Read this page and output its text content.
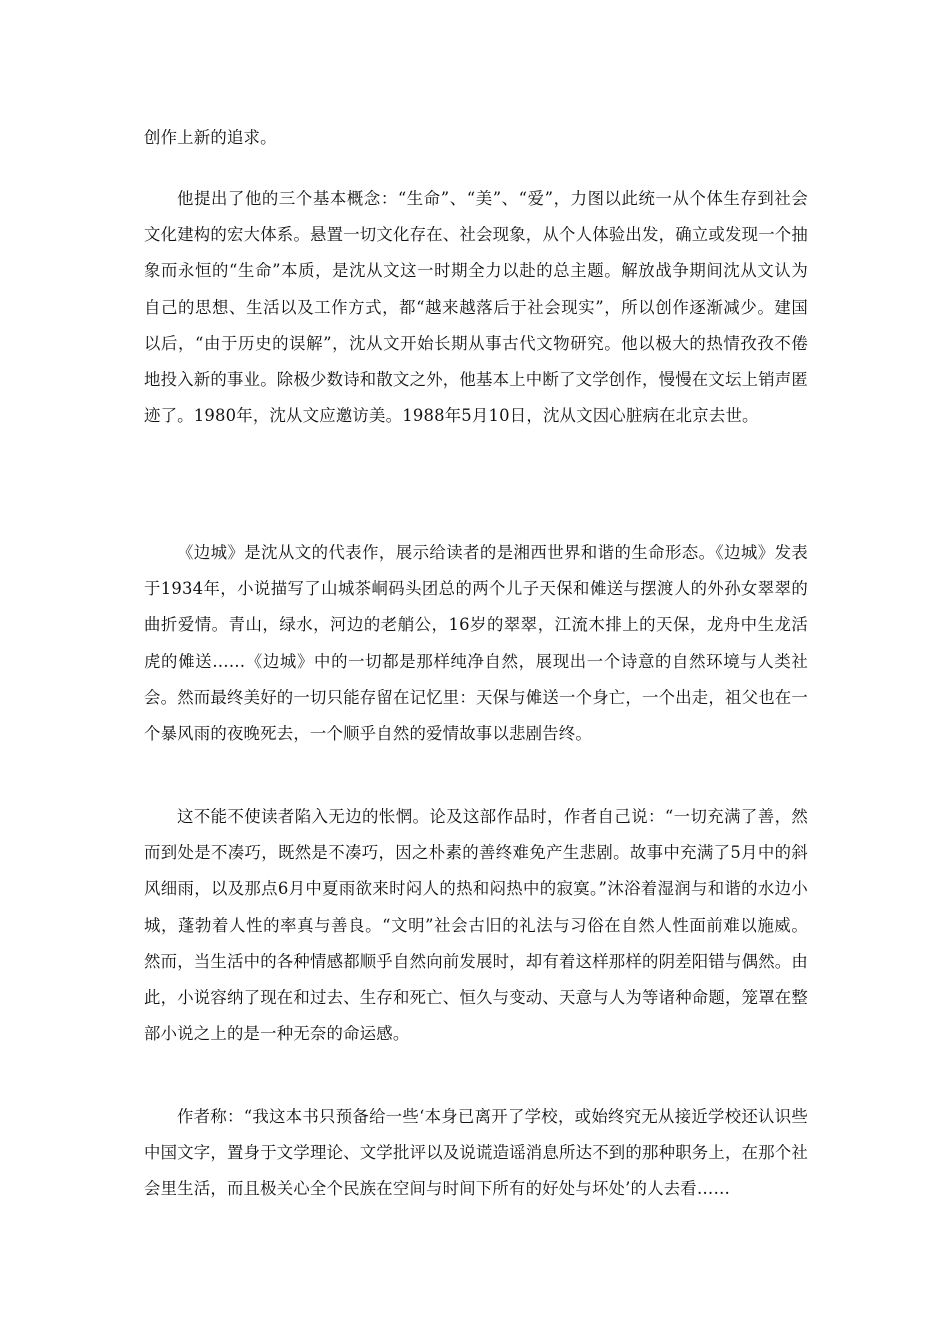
创作上新的追求。

他提出了他的三个基本概念：“生命”、“美”、“爱”，力图以此统一从个体生存到社会文化建构的宏大体系。悬置一切文化存在、社会现象，从个人体验出发，确立或发现一个抽象而永恒的“生命”本质，是沈从文这一时期全力以赴的总主题。解放战争期间沈从文认为自己的思想、生活以及工作方式，都“越来越落后于社会现实”，所以创作逐渐减少。建国以后，“由于历史的误解”，沈从文开始长期从事古代文物研究。他以极大的热情孜孜不倦地投入新的事业。除极少数诗和散文之外，他基本上中断了文学创作，慢慢在文坛上销声匿迹了。1980年，沈从文应邀访美。1988年5月10日，沈从文因心脏病在北京去世。

《边城》是沈从文的代表作，展示给读者的是湘西世界和谐的生命形态。《边城》发表于1934年，小说描写了山城茶峒码头团总的两个儿子天保和傩送与摆渡人的外孙女翠翠的曲折爱情。青山，绿水，河边的老艄公，16岁的翠翠，江流木排上的天保，龙舟中生龙活虎的傩送……《边城》中的一切都是那样纯净自然，展现出一个诗意的自然环境与人类社会。然而最终美好的一切只能存留在记忆里：天保与傩送一个身亡，一个出走，祖父也在一个暴风雨的夜晚死去，一个顺乎自然的爱情故事以悲剧告终。

这不能不使读者陷入无边的怅惘。论及这部作品时，作者自己说：“一切充满了善，然而到处是不凑巧，既然是不凑巧，因之朴素的善终难免产生悲剧。故事中充满了5月中的斜风细雨，以及那点6月中夏雨欲来时闷人的热和闷热中的寂寞。”沐浴着湿润与和谐的水边小城，蓬勃着人性的率真与善良。“文明”社会古旧的礼法与习俗在自然人性面前难以施威。然而，当生活中的各种情感都顺乎自然向前发展时，却有着这样那样的阴差阳错与偶然。由此，小说容纳了现在和过去、生存和死亡、恒久与变动、天意与人为等诸种命题，笼罩在整部小说之上的是一种无奈的命运感。

作者称：“我这本书只预备给一些‘本身已离开了学校，或始终究无从接近学校还认识些中国文字，置身于文学理论、文学批评以及说谎造谣消息所达不到的那种职务上，在那个社会里生活，而且极关心全个民族在空间与时间下所有的好处与坏处’的人去看……
